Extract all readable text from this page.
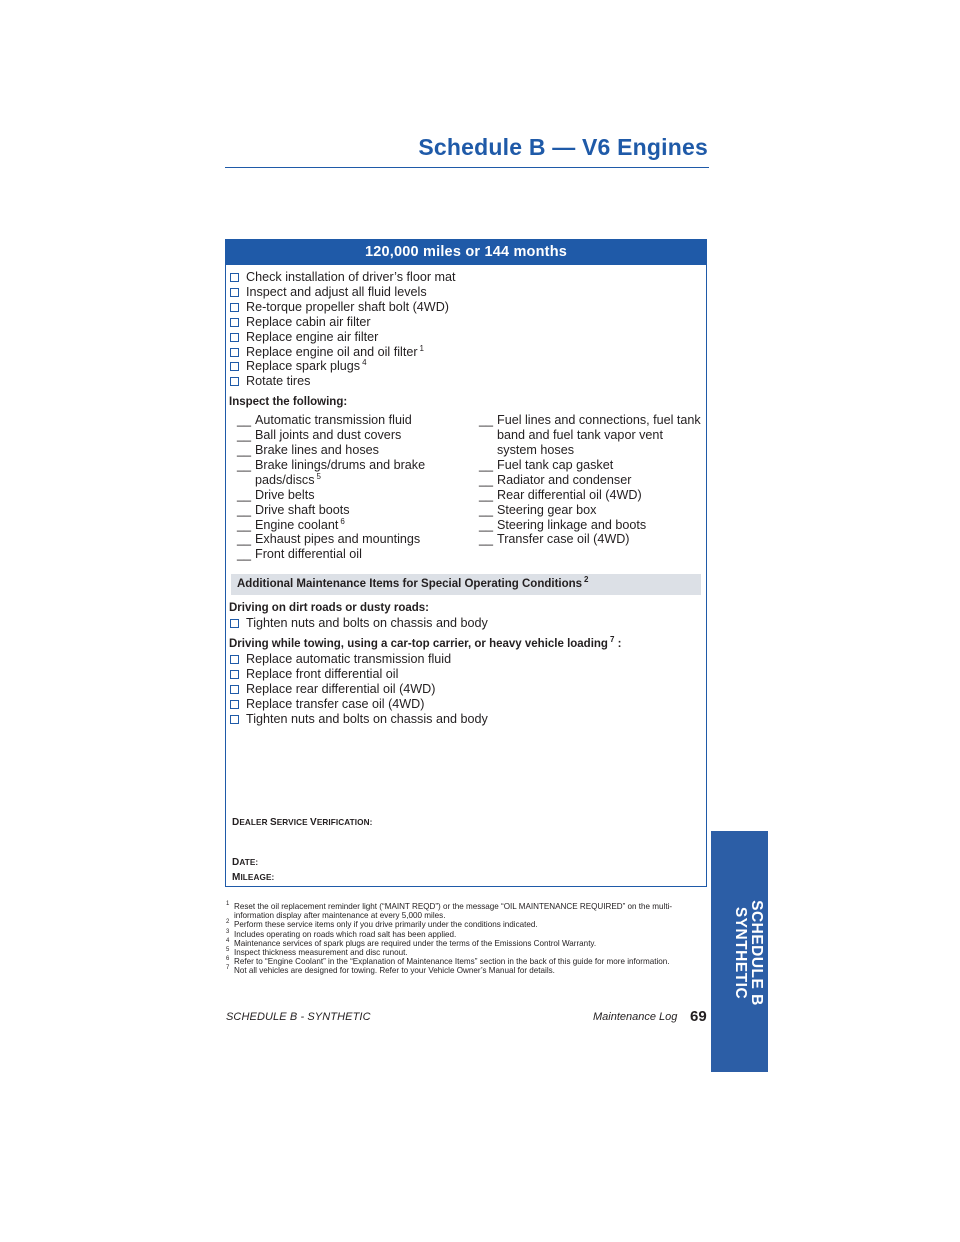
Schedule B — V6 Engines
120,000 miles or 144 months
Check installation of driver’s floor mat
Inspect and adjust all fluid levels
Re-torque propeller shaft bolt (4WD)
Replace cabin air filter
Replace engine air filter
Replace engine oil and oil filter $^1$
Replace spark plugs $^4$
Rotate tires
Inspect the following:
__ Automatic transmission fluid
__ Ball joints and dust covers
__ Brake lines and hoses
__ Brake linings/drums and brake pads/discs $^5$
__ Drive belts
__ Drive shaft boots
__ Engine coolant $^6$
__ Exhaust pipes and mountings
__ Front differential oil
__ Fuel lines and connections, fuel tank band and fuel tank vapor vent system hoses
__ Fuel tank cap gasket
__ Radiator and condenser
__ Rear differential oil (4WD)
__ Steering gear box
__ Steering linkage and boots
__ Transfer case oil (4WD)
Additional Maintenance Items for Special Operating Conditions $^2$
Driving on dirt roads or dusty roads:
Tighten nuts and bolts on chassis and body
Driving while towing, using a car-top carrier, or heavy vehicle loading $^7$ :
Replace automatic transmission fluid
Replace front differential oil
Replace rear differential oil (4WD)
Replace transfer case oil (4WD)
Tighten nuts and bolts on chassis and body
DEALER SERVICE VERIFICATION:
DATE:
MILEAGE:
1 Reset the oil replacement reminder light (“MAINT REQD”) or the message “OIL MAINTENANCE REQUIRED” on the multi-information display after maintenance at every 5,000 miles.
2 Perform these service items only if you drive primarily under the conditions indicated.
3 Includes operating on roads which road salt has been applied.
4 Maintenance services of spark plugs are required under the terms of the Emissions Control Warranty.
5 Inspect thickness measurement and disc runout.
6 Refer to “Engine Coolant” in the “Explanation of Maintenance Items” section in the back of this guide for more information.
7 Not all vehicles are designed for towing. Refer to your Vehicle Owner’s Manual for details.
SCHEDULE B - SYNTHETIC	Maintenance Log 69
SCHEDULE B
SYNTHETIC
